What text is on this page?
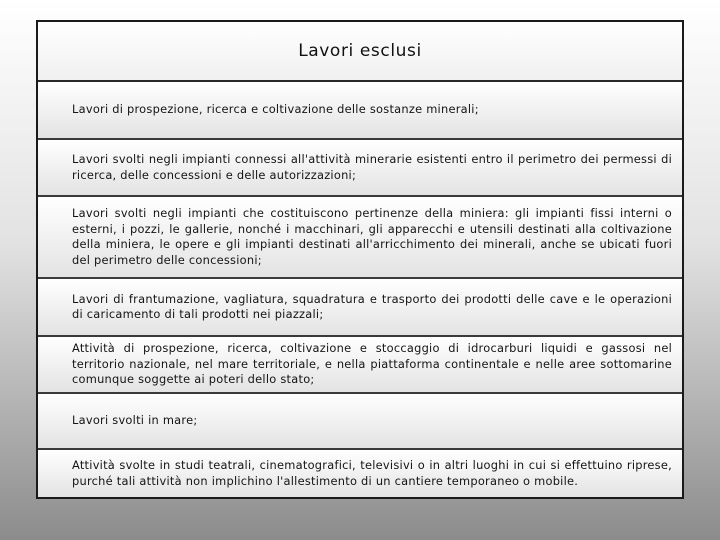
Lavori esclusi

Lavori di prospezione, ricerca e coltivazione delle sostanze minerali;

Lavori svolti negli impianti connessi all'attività minerarie esistenti entro il perimetro dei permessi di ricerca, delle concessioni e delle autorizzazioni;

Lavori svolti negli impianti che costituiscono pertinenze della miniera: gli impianti fissi interni o esterni, i pozzi, le gallerie, nonché i macchinari, gli apparecchi e utensili destinati alla coltivazione della miniera, le opere e gli impianti destinati all'arricchimento dei minerali, anche se ubicati fuori del perimetro delle concessioni;

Lavori di frantumazione, vagliatura, squadratura e trasporto dei prodotti delle cave e le operazioni di caricamento di tali prodotti nei piazzali;

Attività di prospezione, ricerca, coltivazione e stoccaggio di idrocarburi liquidi e gassosi nel territorio nazionale, nel mare territoriale, e nella piattaforma continentale e nelle aree sottomarine comunque soggette ai poteri dello stato;

Lavori svolti in mare;

Attività svolte in studi teatrali, cinematografici, televisivi o in altri luoghi in cui si effettuino riprese, purché tali attività non implichino l'allestimento di un cantiere temporaneo o mobile.
